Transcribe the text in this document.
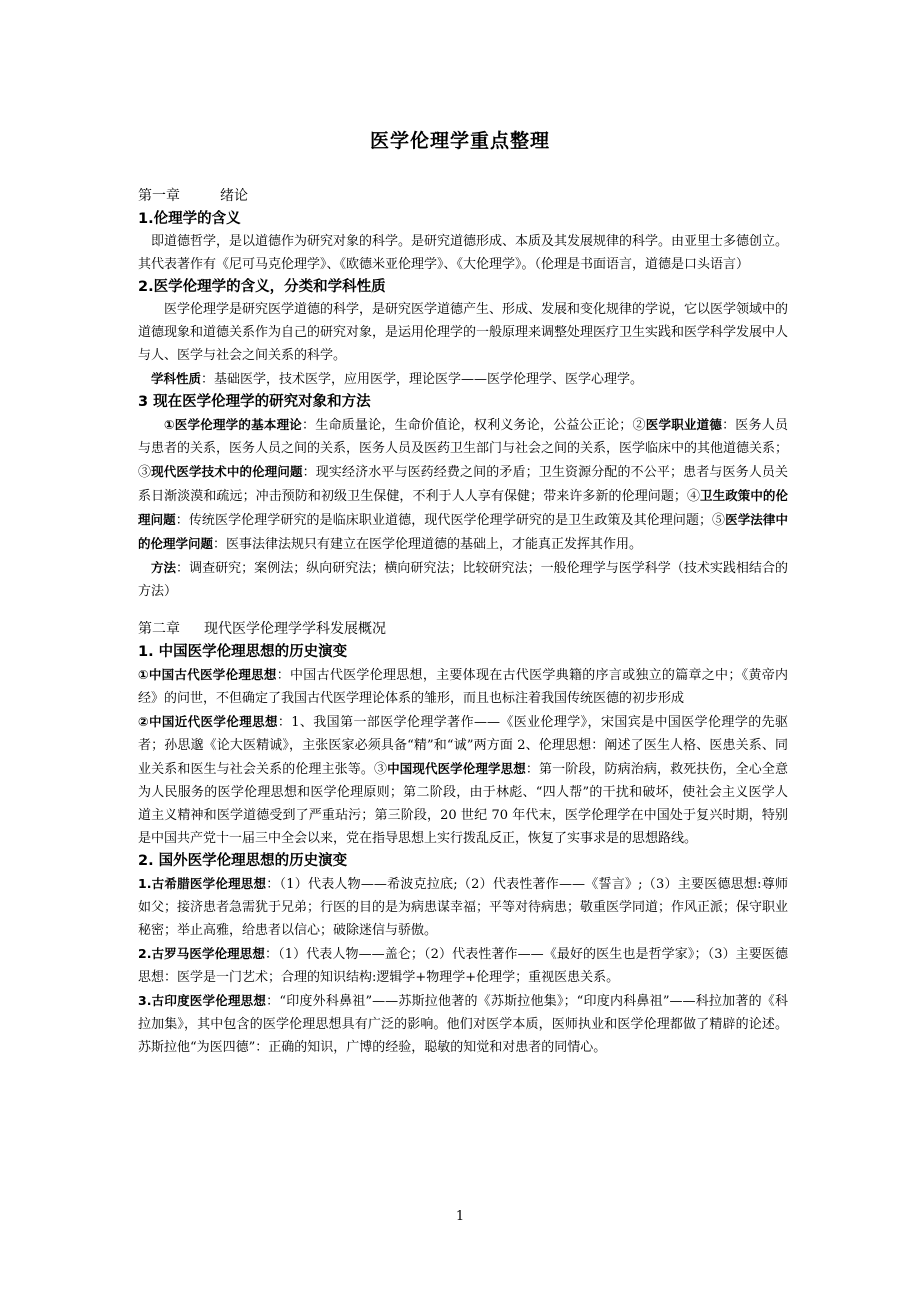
医学伦理学重点整理
第一章	绪论
1.伦理学的含义

即道德哲学，是以道德作为研究对象的科学。是研究道德形成、本质及其发展规律的科学。由亚里士多德创立。其代表著作有《尼可马克伦理学》、《欧德米亚伦理学》、《大伦理学》。（伦理是书面语言，道德是口头语言）

2.医学伦理学的含义，分类和学科性质

医学伦理学是研究医学道德的科学，是研究医学道德产生、形成、发展和变化规律的学说，它以医学领域中的道德现象和道德关系作为自己的研究对象，是运用伦理学的一般原理来调整处理医疗卫生实践和医学科学发展中人与人、医学与社会之间关系的科学。

学科性质：基础医学，技术医学，应用医学，理论医学——医学伦理学、医学心理学。

3 现在医学伦理学的研究对象和方法

①医学伦理学的基本理论：生命质量论，生命价值论，权利义务论，公益公正论；②医学职业道德：医务人员与患者的关系，医务人员之间的关系，医务人员及医药卫生部门与社会之间的关系，医学临床中的其他道德关系；③现代医学技术中的伦理问题：现实经济水平与医药经费之间的矛盾；卫生资源分配的不公平；患者与医务人员关系日渐淡漠和疏远；冲击预防和初级卫生保健，不利于人人享有保健；带来许多新的伦理问题；④卫生政策中的伦理问题：传统医学伦理学研究的是临床职业道德，现代医学伦理学研究的是卫生政策及其伦理问题；⑤医学法律中的伦理学问题：医事法律法规只有建立在医学伦理道德的基础上，才能真正发挥其作用。

方法：调查研究；案例法；纵向研究法；横向研究法；比较研究法；一般伦理学与医学科学（技术实践相结合的方法）

第二章 现代医学伦理学学科发展概况
1. 中国医学伦理思想的历史演变

①中国古代医学伦理思想：中国古代医学伦理思想，主要体现在古代医学典籍的序言或独立的篇章之中；《黄帝内经》的问世，不但确定了我国古代医学理论体系的雏形，而且也标注着我国传统医德的初步形成

②中国近代医学伦理思想：1、我国第一部医学伦理学著作——《医业伦理学》，宋国宾是中国医学伦理学的先驱者；孙思邈《论大医精诚》，主张医家必须具备“精”和“诚”两方面 2、伦理思想：阐述了医生人格、医患关系、同业关系和医生与社会关系的伦理主张等。③中国现代医学伦理学思想：第一阶段，防病治病，救死扶伤，全心全意为人民服务的医学伦理思想和医学伦理原则；第二阶段，由于林彪、“四人帮”的干扰和破坏，使社会主义医学人道主义精神和医学道德受到了严重玷污；第三阶段，20 世纪 70 年代末，医学伦理学在中国处于复兴时期，特别是中国共产党十一届三中全会以来，党在指导思想上实行拨乱反正，恢复了实事求是的思想路线。

2. 国外医学伦理思想的历史演变

1.古希腊医学伦理思想：（1）代表人物——希波克拉底;（2）代表性著作——《誓言》;（3）主要医德思想:尊师如父；接济患者急需犹于兄弟；行医的目的是为病患谋幸福；平等对待病患；敬重医学同道；作风正派；保守职业秘密；举止高雅，给患者以信心；破除迷信与骄傲。

2.古罗马医学伦理思想：（1）代表人物——盖仑；（2）代表性著作——《最好的医生也是哲学家》；（3）主要医德思想：医学是一门艺术；合理的知识结构:逻辑学+物理学+伦理学；重视医患关系。

3.古印度医学伦理思想：“印度外科鼻祖”——苏斯拉他著的《苏斯拉他集》；“印度内科鼻祖”——科拉加著的《科拉加集》，其中包含的医学伦理思想具有广泛的影响。他们对医学本质，医师执业和医学伦理都做了精辟的论述。苏斯拉他“为医四德”：正确的知识，广博的经验，聪敏的知觉和对患者的同情心。

1
